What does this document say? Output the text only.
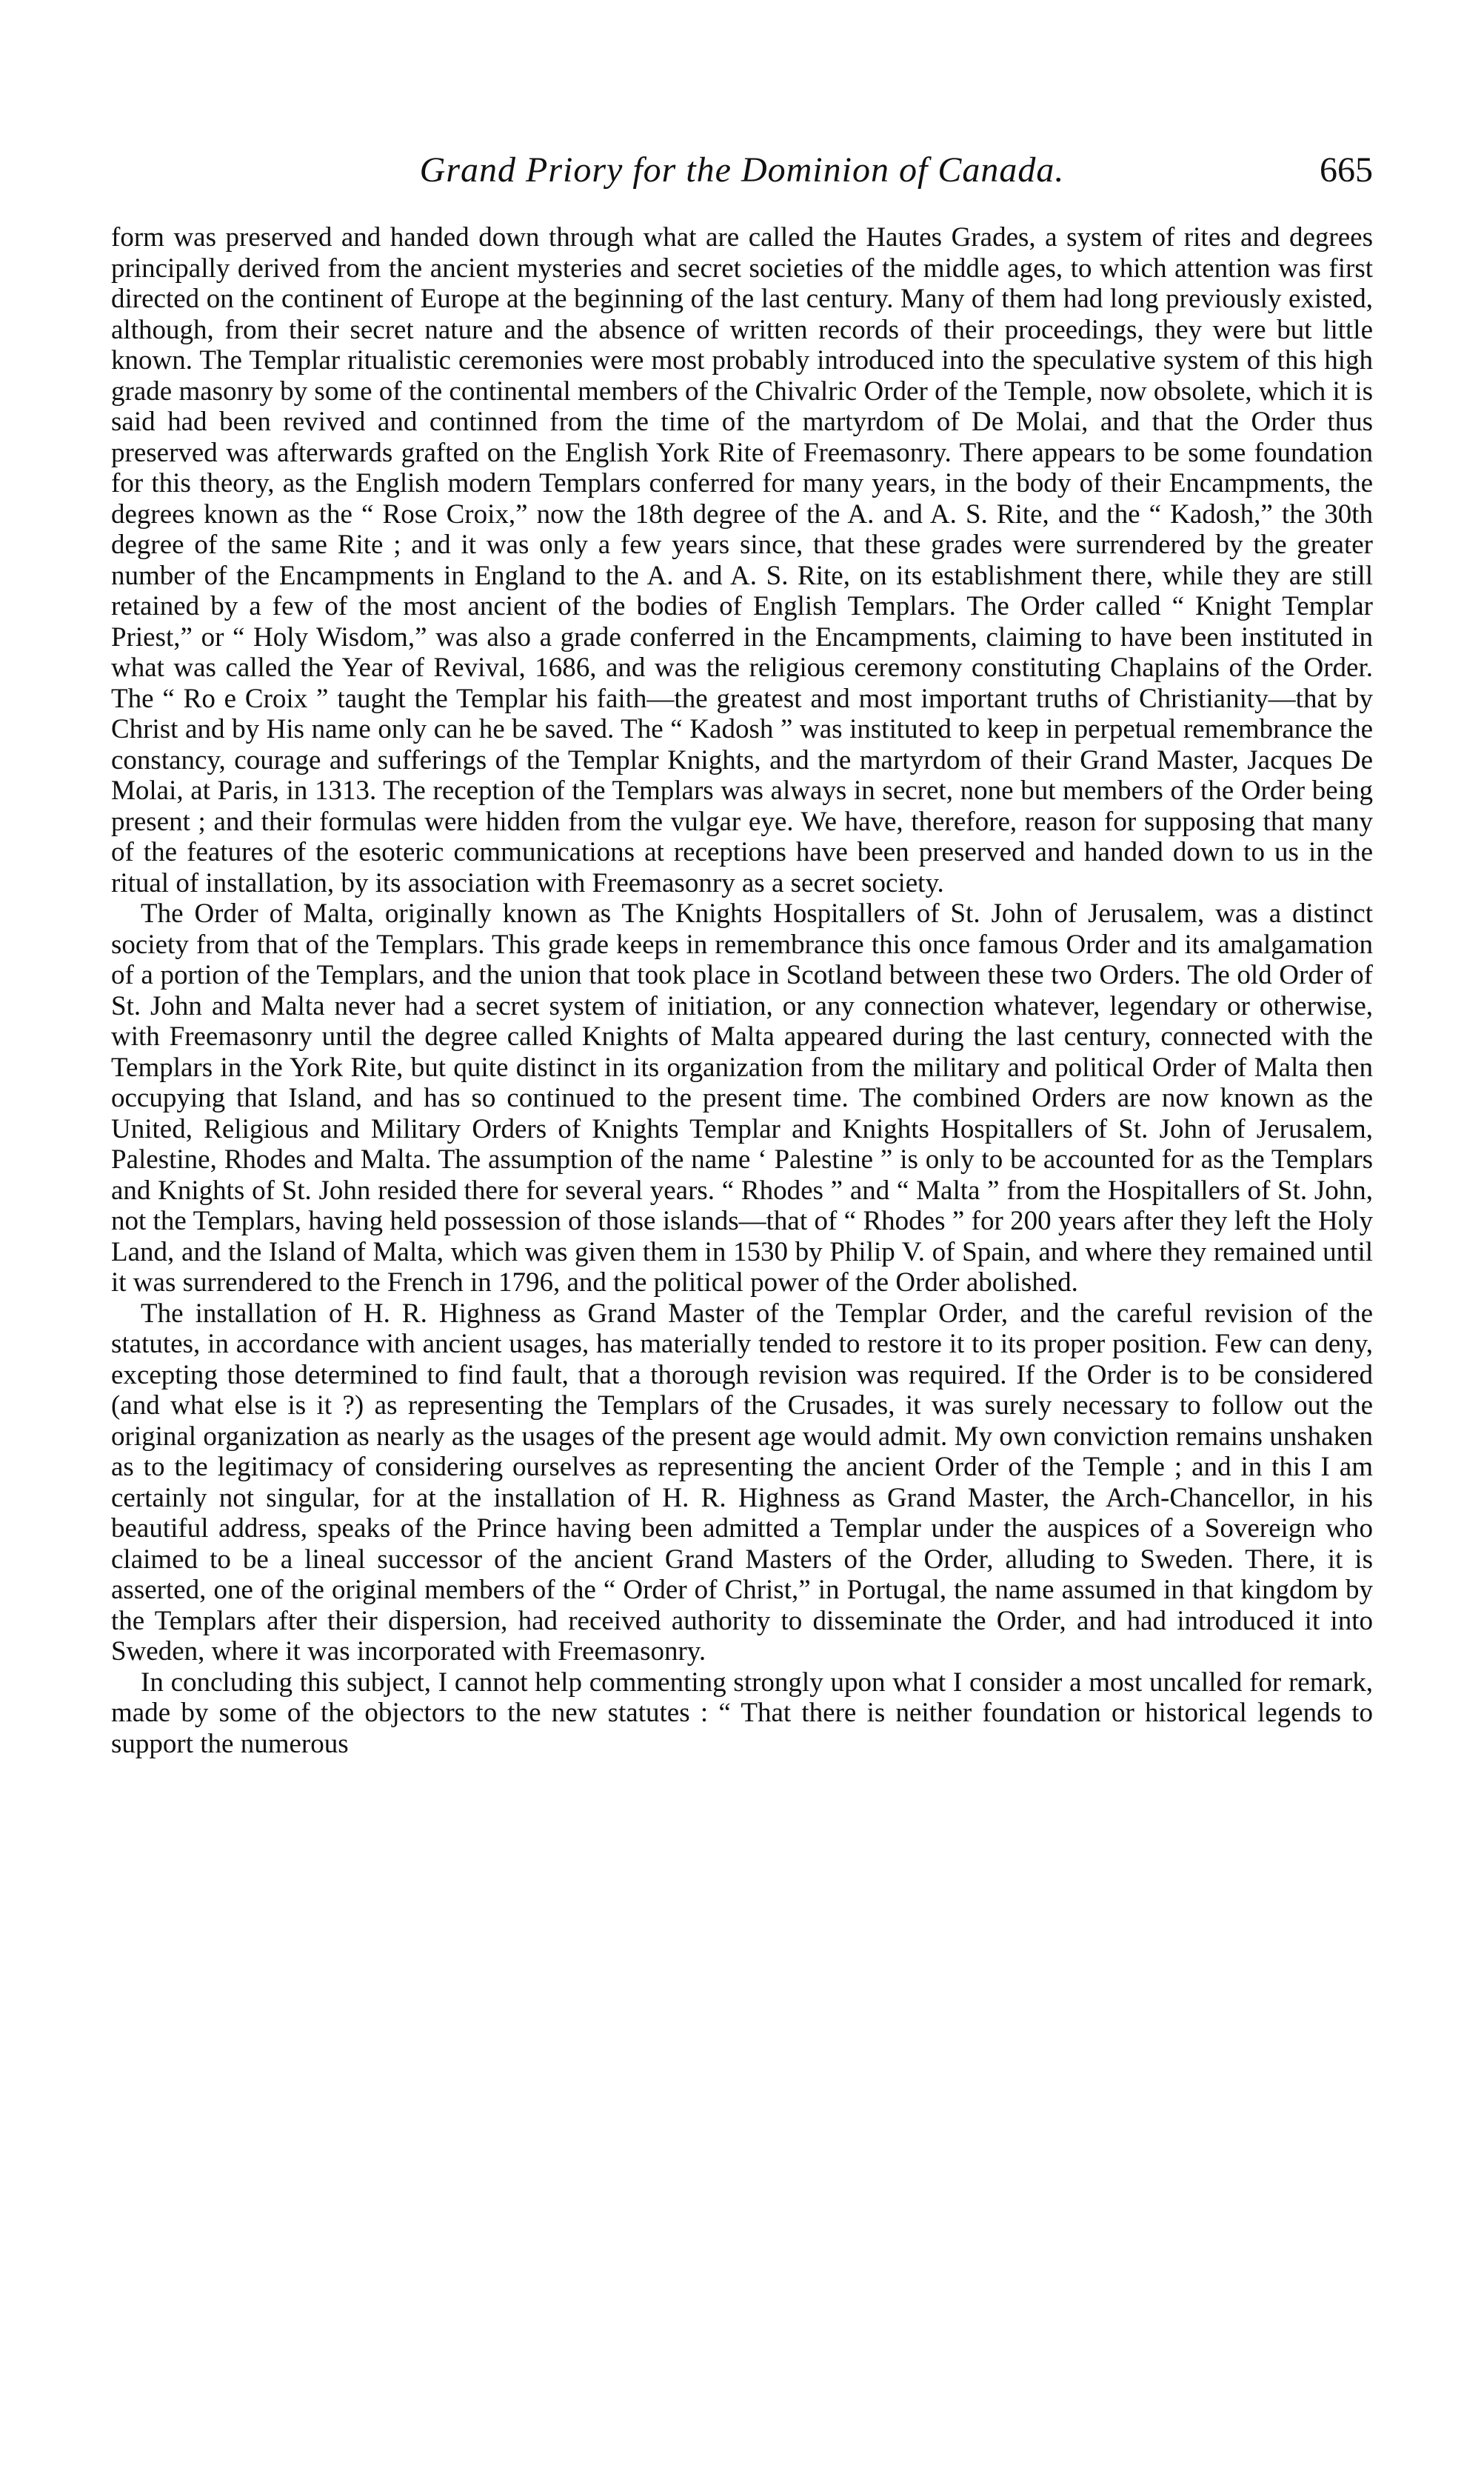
Grand Priory for the Dominion of Canada.	665

form was preserved and handed down through what are called the Hautes Grades, a system of rites and degrees principally derived from the ancient mysteries and secret societies of the middle ages, to which attention was first directed on the continent of Europe at the beginning of the last century. Many of them had long previously existed, although, from their secret nature and the absence of written records of their proceedings, they were but little known. The Templar ritualistic ceremonies were most probably introduced into the speculative system of this high grade masonry by some of the continental members of the Chivalric Order of the Temple, now obsolete, which it is said had been revived and continned from the time of the martyrdom of De Molai, and that the Order thus preserved was afterwards grafted on the English York Rite of Freemasonry. There appears to be some foundation for this theory, as the English modern Templars conferred for many years, in the body of their Encampments, the degrees known as the “ Rose Croix,” now the 18th degree of the A. and A. S. Rite, and the “ Kadosh,” the 30th degree of the same Rite ; and it was only a few years since, that these grades were surrendered by the greater number of the Encampments in England to the A. and A. S. Rite, on its establishment there, while they are still retained by a few of the most ancient of the bodies of English Templars. The Order called “ Knight Templar Priest,” or “ Holy Wisdom,” was also a grade conferred in the Encampments, claiming to have been instituted in what was called the Year of Revival, 1686, and was the religious ceremony constituting Chaplains of the Order. The “ Ro e Croix ” taught the Templar his faith—the greatest and most important truths of Christianity—that by Christ and by His name only can he be saved. The “ Kadosh ” was instituted to keep in perpetual remembrance the constancy, courage and sufferings of the Templar Knights, and the martyrdom of their Grand Master, Jacques De Molai, at Paris, in 1313. The reception of the Templars was always in secret, none but members of the Order being present ; and their formulas were hidden from the vulgar eye. We have, therefore, reason for supposing that many of the features of the esoteric communications at receptions have been preserved and handed down to us in the ritual of installation, by its association with Freemasonry as a secret society.

The Order of Malta, originally known as The Knights Hospitallers of St. John of Jerusalem, was a distinct society from that of the Templars. This grade keeps in remembrance this once famous Order and its amalgamation of a portion of the Templars, and the union that took place in Scotland between these two Orders. The old Order of St. John and Malta never had a secret system of initiation, or any connection whatever, legendary or otherwise, with Freemasonry until the degree called Knights of Malta appeared during the last century, connected with the Templars in the York Rite, but quite distinct in its organization from the military and political Order of Malta then occupying that Island, and has so continued to the present time. The combined Orders are now known as the United, Religious and Military Orders of Knights Templar and Knights Hospitallers of St. John of Jerusalem, Palestine, Rhodes and Malta. The assumption of the name ‘ Palestine ” is only to be accounted for as the Templars and Knights of St. John resided there for several years. “ Rhodes ” and “ Malta ” from the Hospitallers of St. John, not the Templars, having held possession of those islands—that of “ Rhodes ” for 200 years after they left the Holy Land, and the Island of Malta, which was given them in 1530 by Philip V. of Spain, and where they remained until it was surrendered to the French in 1796, and the political power of the Order abolished.

The installation of H. R. Highness as Grand Master of the Templar Order, and the careful revision of the statutes, in accordance with ancient usages, has materially tended to restore it to its proper position. Few can deny, excepting those determined to find fault, that a thorough revision was required. If the Order is to be considered (and what else is it ?) as representing the Templars of the Crusades, it was surely necessary to follow out the original organization as nearly as the usages of the present age would admit. My own conviction remains unshaken as to the legitimacy of considering ourselves as representing the ancient Order of the Temple ; and in this I am certainly not singular, for at the installation of H. R. Highness as Grand Master, the Arch-Chancellor, in his beautiful address, speaks of the Prince having been admitted a Templar under the auspices of a Sovereign who claimed to be a lineal successor of the ancient Grand Masters of the Order, alluding to Sweden. There, it is asserted, one of the original members of the “ Order of Christ,” in Portugal, the name assumed in that kingdom by the Templars after their dispersion, had received authority to disseminate the Order, and had introduced it into Sweden, where it was incorporated with Freemasonry.

In concluding this subject, I cannot help commenting strongly upon what I consider a most uncalled for remark, made by some of the objectors to the new statutes : “ That there is neither foundation or historical legends to support the numerous
